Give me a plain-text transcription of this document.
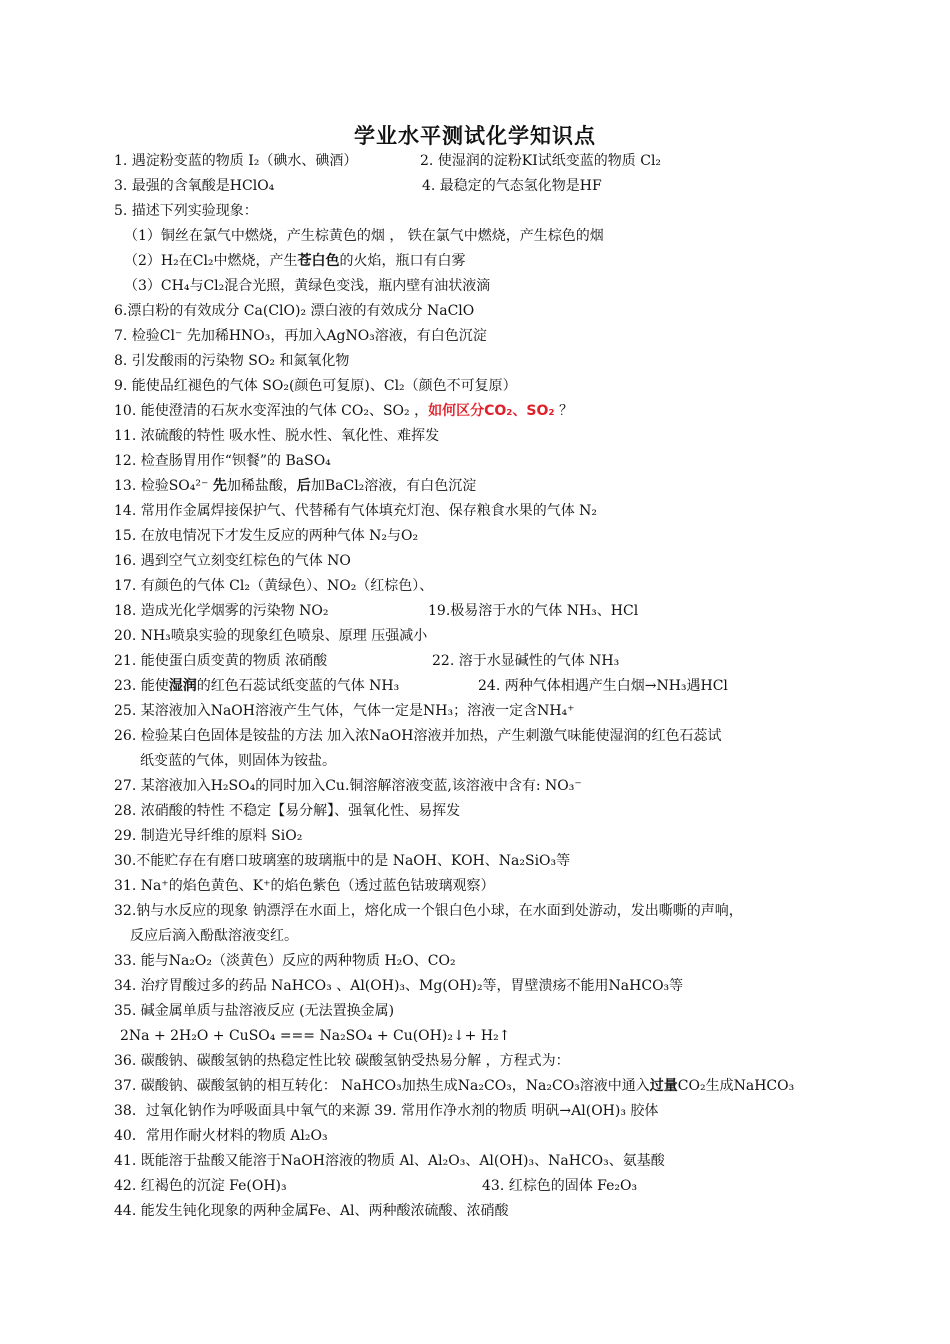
学业水平测试化学知识点
1. 遇淀粉变蓝的物质 I₂（碘水、碘酒）	2. 使湿润的淀粉KI试纸变蓝的物质 Cl₂
3. 最强的含氧酸是HClO₄	4. 最稳定的气态氢化物是HF
5. 描述下列实验现象：
（1）铜丝在氯气中燃烧，产生棕黄色的烟 ， 铁在氯气中燃烧，产生棕色的烟
（2）H₂在Cl₂中燃烧，产生苍白色的火焰，瓶口有白雾
（3）CH₄与Cl₂混合光照，黄绿色变浅，瓶内壁有油状液滴
6.漂白粉的有效成分 Ca(ClO)₂ 漂白液的有效成分 NaClO
7. 检验Cl⁻ 先加稀HNO₃，再加入AgNO₃溶液，有白色沉淀
8. 引发酸雨的污染物 SO₂ 和氮氧化物
9. 能使品红褪色的气体 SO₂(颜色可复原)、Cl₂（颜色不可复原）
10. 能使澄清的石灰水变浑浊的气体 CO₂、SO₂ ，如何区分CO₂、SO₂ ？
11. 浓硫酸的特性 吸水性、脱水性、氧化性、难挥发
12. 检查肠胃用作“钡餐”的 BaSO₄
13. 检验SO₄²⁻ 先加稀盐酸，后加BaCl₂溶液，有白色沉淀
14. 常用作金属焊接保护气、代替稀有气体填充灯泡、保存粮食水果的气体 N₂
15. 在放电情况下才发生反应的两种气体 N₂与O₂
16. 遇到空气立刻变红棕色的气体 NO
17. 有颜色的气体 Cl₂（黄绿色）、NO₂（红棕色）、
18. 造成光化学烟雾的污染物 NO₂	19.极易溶于水的气体 NH₃、HCl
20. NH₃喷泉实验的现象红色喷泉、原理 压强减小
21. 能使蛋白质变黄的物质 浓硝酸	22. 溶于水显碱性的气体 NH₃
23. 能使湿润的红色石蕊试纸变蓝的气体 NH₃	24. 两种气体相遇产生白烟→NH₃遇HCl
25. 某溶液加入NaOH溶液产生气体，气体一定是NH₃；溶液一定含NH₄⁺
26. 检验某白色固体是铵盐的方法 加入浓NaOH溶液并加热，产生刺激气味能使湿润的红色石蕊试
纸变蓝的气体，则固体为铵盐。
27. 某溶液加入H₂SO₄的同时加入Cu.铜溶解溶液变蓝,该溶液中含有: NO₃⁻
28. 浓硝酸的特性 不稳定【易分解】、强氧化性、易挥发
29. 制造光导纤维的原料 SiO₂
30.不能贮存在有磨口玻璃塞的玻璃瓶中的是 NaOH、KOH、Na₂SiO₃等
31. Na⁺的焰色黄色、K⁺的焰色紫色（透过蓝色钴玻璃观察）
32.钠与水反应的现象 钠漂浮在水面上，熔化成一个银白色小球，在水面到处游动，发出嘶嘶的声响，
反应后滴入酚酞溶液变红。
33. 能与Na₂O₂（淡黄色）反应的两种物质 H₂O、CO₂
34. 治疗胃酸过多的药品 NaHCO₃ 、Al(OH)₃、Mg(OH)₂等，胃壁溃疡不能用NaHCO₃等
35. 碱金属单质与盐溶液反应 (无法置换金属)
2Na + 2H₂O + CuSO₄ === Na₂SO₄ + Cu(OH)₂↓+ H₂↑
36. 碳酸钠、碳酸氢钠的热稳定性比较 碳酸氢钠受热易分解 ，方程式为：
37. 碳酸钠、碳酸氢钠的相互转化： NaHCO₃加热生成Na₂CO₃，Na₂CO₃溶液中通入过量CO₂生成NaHCO₃
38．过氧化钠作为呼吸面具中氧气的来源 39. 常用作净水剂的物质 明矾→Al(OH)₃ 胶体
40．常用作耐火材料的物质 Al₂O₃
41. 既能溶于盐酸又能溶于NaOH溶液的物质 Al、Al₂O₃、Al(OH)₃、NaHCO₃、氨基酸
42. 红褐色的沉淀 Fe(OH)₃	43. 红棕色的固体 Fe₂O₃
44. 能发生钝化现象的两种金属Fe、Al、两种酸浓硫酸、浓硝酸
